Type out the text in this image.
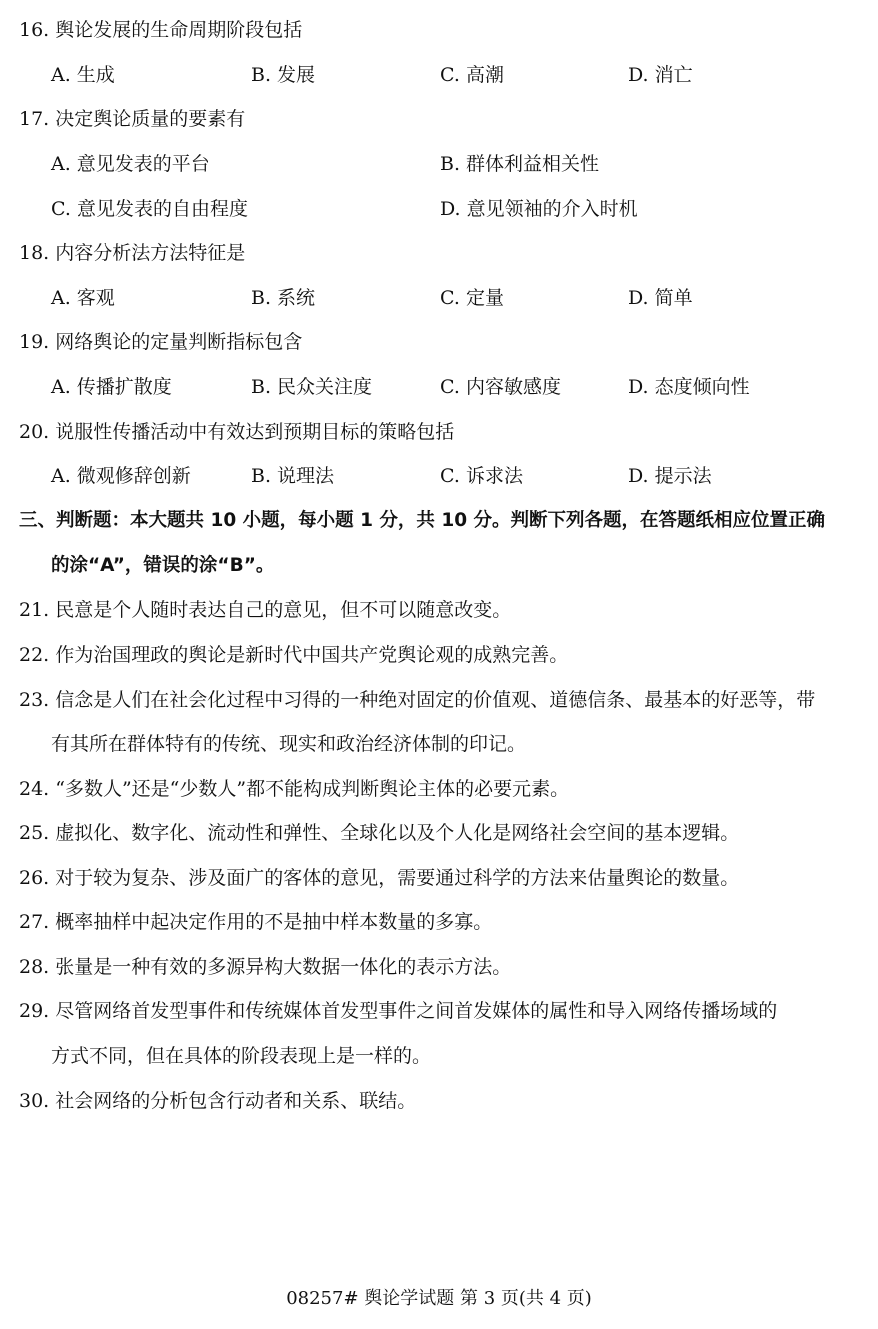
16. 舆论发展的生命周期阶段包括
A. 生成	B. 发展	C. 高潮	D. 消亡
17. 决定舆论质量的要素有
A. 意见发表的平台	B. 群体利益相关性
C. 意见发表的自由程度	D. 意见领袖的介入时机
18. 内容分析法方法特征是
A. 客观	B. 系统	C. 定量	D. 简单
19. 网络舆论的定量判断指标包含
A. 传播扩散度	B. 民众关注度	C. 内容敏感度	D. 态度倾向性
20. 说服性传播活动中有效达到预期目标的策略包括
A. 微观修辞创新	B. 说理法	C. 诉求法	D. 提示法
三、判断题：本大题共 10 小题，每小题 1 分，共 10 分。判断下列各题，在答题纸相应位置正确
的涂“A”，错误的涂“B”。
21. 民意是个人随时表达自己的意见，但不可以随意改变。
22. 作为治国理政的舆论是新时代中国共产党舆论观的成熟完善。
23. 信念是人们在社会化过程中习得的一种绝对固定的价值观、道德信条、最基本的好恶等，带
有其所在群体特有的传统、现实和政治经济体制的印记。
24. “多数人”还是“少数人”都不能构成判断舆论主体的必要元素。
25. 虚拟化、数字化、流动性和弹性、全球化以及个人化是网络社会空间的基本逻辑。
26. 对于较为复杂、涉及面广的客体的意见，需要通过科学的方法来估量舆论的数量。
27. 概率抽样中起决定作用的不是抽中样本数量的多寡。
28. 张量是一种有效的多源异构大数据一体化的表示方法。
29. 尽管网络首发型事件和传统媒体首发型事件之间首发媒体的属性和导入网络传播场域的
方式不同，但在具体的阶段表现上是一样的。
30. 社会网络的分析包含行动者和关系、联结。
08257# 舆论学试题 第 3 页(共 4 页)
